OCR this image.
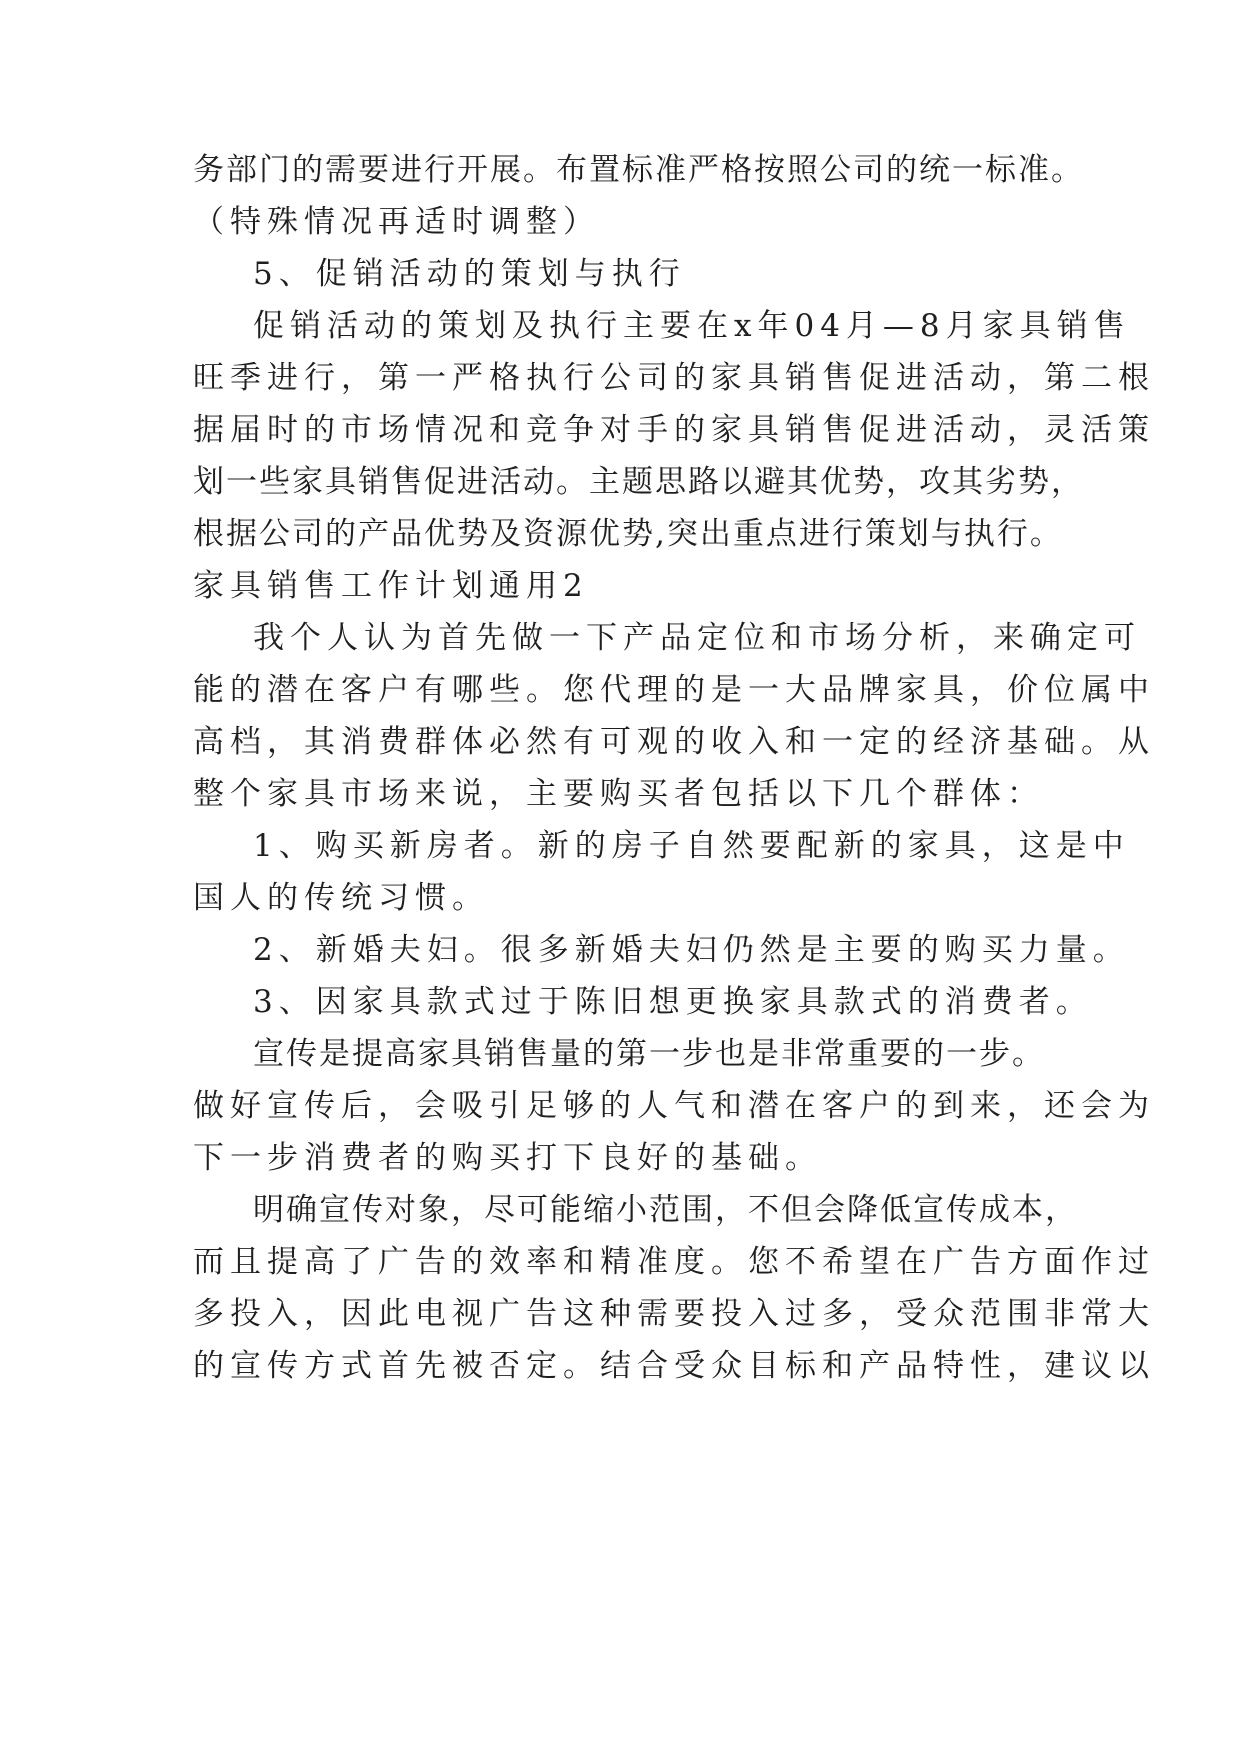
务部门的需要进行开展。布置标准严格按照公司的统一标准。
（特殊情况再适时调整）
5、促销活动的策划与执行
促销活动的策划及执行主要在x年04月—8月家具销售
旺季进行，第一严格执行公司的家具销售促进活动，第二根
据届时的市场情况和竞争对手的家具销售促进活动，灵活策
划一些家具销售促进活动。主题思路以避其优势，攻其劣势，
根据公司的产品优势及资源优势,突出重点进行策划与执行。
家具销售工作计划通用2
我个人认为首先做一下产品定位和市场分析，来确定可
能的潜在客户有哪些。您代理的是一大品牌家具，价位属中
高档，其消费群体必然有可观的收入和一定的经济基础。从
整个家具市场来说，主要购买者包括以下几个群体：
1、购买新房者。新的房子自然要配新的家具，这是中
国人的传统习惯。
2、新婚夫妇。很多新婚夫妇仍然是主要的购买力量。
3、因家具款式过于陈旧想更换家具款式的消费者。
宣传是提高家具销售量的第一步也是非常重要的一步。
做好宣传后，会吸引足够的人气和潜在客户的到来，还会为
下一步消费者的购买打下良好的基础。
明确宣传对象，尽可能缩小范围，不但会降低宣传成本，
而且提高了广告的效率和精准度。您不希望在广告方面作过
多投入，因此电视广告这种需要投入过多，受众范围非常大
的宣传方式首先被否定。结合受众目标和产品特性，建议以
